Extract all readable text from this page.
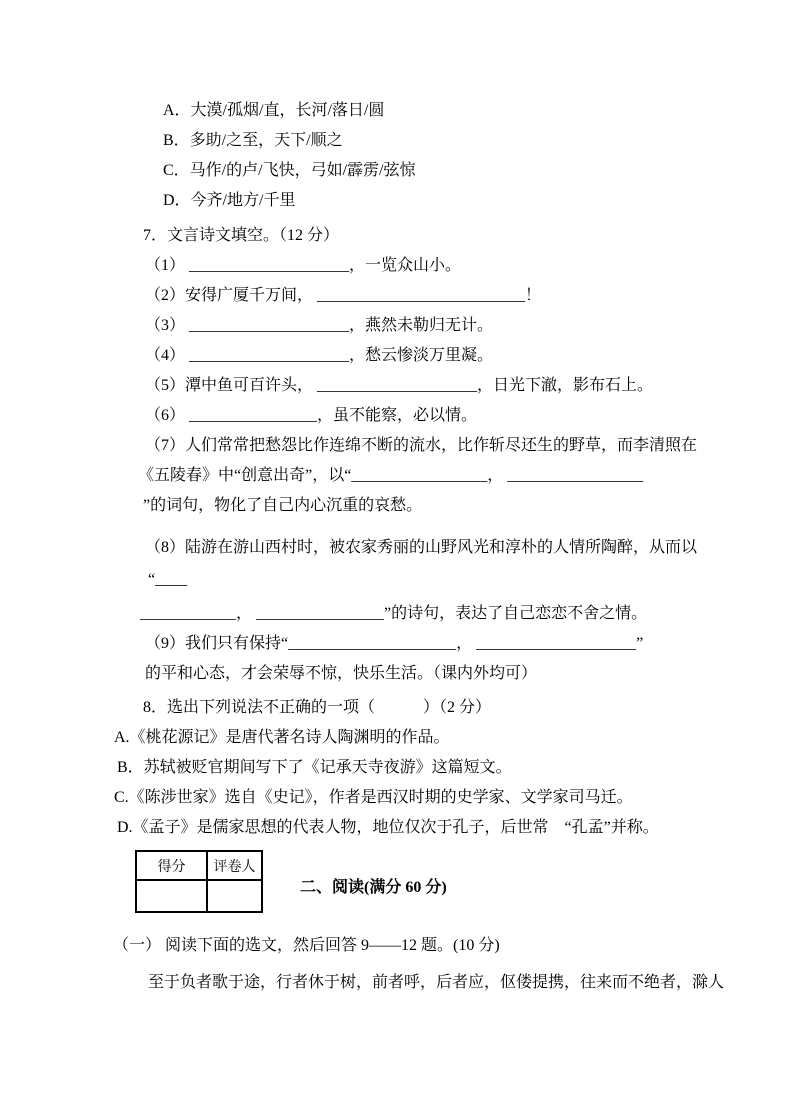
A．大漠/孤烟/直，长河/落日/圆
B．多助/之至，天下/顺之
C．马作/的卢/飞快，弓如/霹雳/弦惊
D．今齐/地方/千里
7．文言诗文填空。（12 分）
（1） ____________________，一览众山小。
（2）安得广厦千万间， __________________________！
（3） ____________________，燕然未勒归无计。
（4） ____________________，愁云惨淡万里凝。
（5）潭中鱼可百许头， ____________________，日光下澈，影布石上。
（6） ________________，虽不能察，必以情。
（7）人们常常把愁怨比作连绵不断的流水，比作斩尽还生的野草，而李清照在
《五陵春》中“创意出奇”，以“_________________， _________________
”的词句，物化了自己内心沉重的哀愁。
（8）陆游在游山西村时，被农家秀丽的山野风光和淳朴的人情所陶醉，从而以
“____
____________， ________________”的诗句，表达了自己恋恋不舍之情。
（9）我们只有保持“_____________________， ____________________”
的平和心态，才会荣辱不惊，快乐生活。（课内外均可）
8．选出下列说法不正确的一项（　　　）（2 分）
A.《桃花源记》是唐代著名诗人陶渊明的作品。
B．苏轼被贬官期间写下了《记承天寺夜游》这篇短文。
C.《陈涉世家》选自《史记》，作者是西汉时期的史学家、文学家司马迁。
D.《孟子》是儒家思想的代表人物，地位仅次于孔子，后世常　“孔孟”并称。
得分	评卷人
二、阅读(满分 60 分)
（一） 阅读下面的选文，然后回答 9——12 题。(10 分)
至于负者歌于途，行者休于树，前者呼，后者应，伛偻提携，往来而不绝者，滁人
